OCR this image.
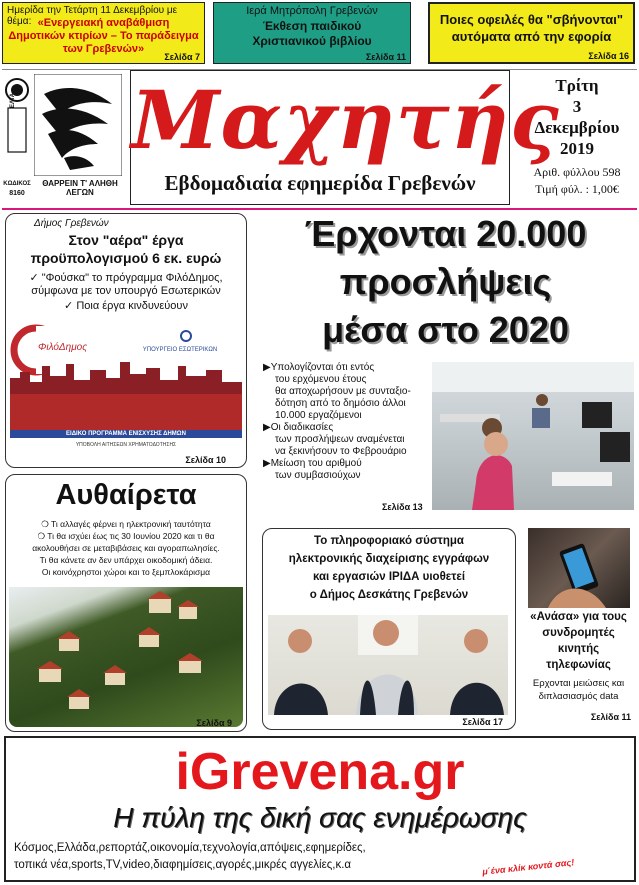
Ημερίδα την Τετάρτη 11 Δεκεμβρίου με θέμα: «Ενεργειακή αναβάθμιση
Δημοτικών κτιρίων – Το παράδειγμα
των Γρεβενών»
Σελίδα 7
Ιερά Μητρόπολη Γρεβενών
Έκθεση παιδικού
Χριστιανικού βιβλίου
Σελίδα 11
Ποιες οφειλές θα "σβήνονται"
αυτόματα από την εφορία
Σελίδα 16
ΕΛΤΑ
ΚΩΔΙΚΟΣ
8160
ΘΑΡΡΕΙΝ Τ' ΑΛΗΘΗ ΛΕΓΩΝ
Μαχητής
Εβδομαδιαία εφημερίδα Γρεβενών
Τρίτη
3
Δεκεμβρίου
2019
Αριθ. φύλλου 598
Τιμή φύλ. : 1,00€
Δήμος Γρεβενών
Στον "αέρα" έργα
προϋπολογισμού 6 εκ. ευρώ
✓ "Φούσκα" το πρόγραμμα ΦιλόΔημος,
σύμφωνα με τον υπουργό Εσωτερικών
✓ Ποια έργα κινδυνεύουν
ΦιλόΔημος	ΥΠΟΥΡΓΕΙΟ ΕΣΩΤΕΡΙΚΩΝ
ΕΙΔΙΚΟ ΠΡΟΓΡΑΜΜΑ ΕΝΙΣΧΥΣΗΣ ΔΗΜΩΝ
ΥΠΟΒΟΛΗ ΑΙΤΗΣΕΩΝ ΧΡΗΜΑΤΟΔΟΤΗΣΗΣ
Σελίδα 10
Αυθαίρετα
❍ Τι αλλαγές φέρνει η ηλεκτρονική ταυτότητα
❍ Τι θα ισχύει έως τις 30 Ιουνίου 2020 και τι θα
ακολουθήσει σε μεταβιβάσεις και αγοραπωλησίες.
Τι θα κάνετε αν δεν υπάρχει οικοδομική άδεια.
Οι κοινόχρηστοι χώροι και το ξεμπλοκάρισμα
Σελίδα 9
Έρχονται 20.000
προσλήψεις
μέσα στο 2020
▶Υπολογίζονται ότι εντός
του ερχόμενου έτους
θα αποχωρήσουν με συνταξιο-
δότηση από το δημόσιο άλλοι
10.000 εργαζόμενοι
▶Οι διαδικασίες
των προσλήψεων αναμένεται
να ξεκινήσουν το Φεβρουάριο
▶Μείωση του αριθμού
των συμβασιούχων
Σελίδα 13
Το πληροφοριακό σύστημα
ηλεκτρονικής διαχείρισης εγγράφων
και εργασιών ΙΡΙΔΑ υιοθετεί
ο Δήμος Δεσκάτης Γρεβενών
Σελίδα 17
«Ανάσα» για τους
συνδρομητές
κινητής
τηλεφωνίας
Ερχονται μειώσεις και
διπλασιασμός data
Σελίδα 11
iGrevena.gr
Η πύλη της δική σας ενημέρωσης
Κόσμος,Ελλάδα,ρεπορτάζ,οικονομία,τεχνολογία,απόψεις,εφημερίδες,
τοπικά νέα,sports,TV,video,διαφημίσεις,αγορές,μικρές αγγελίες,κ.α	μ΄ένα κλίκ κοντά σας!
